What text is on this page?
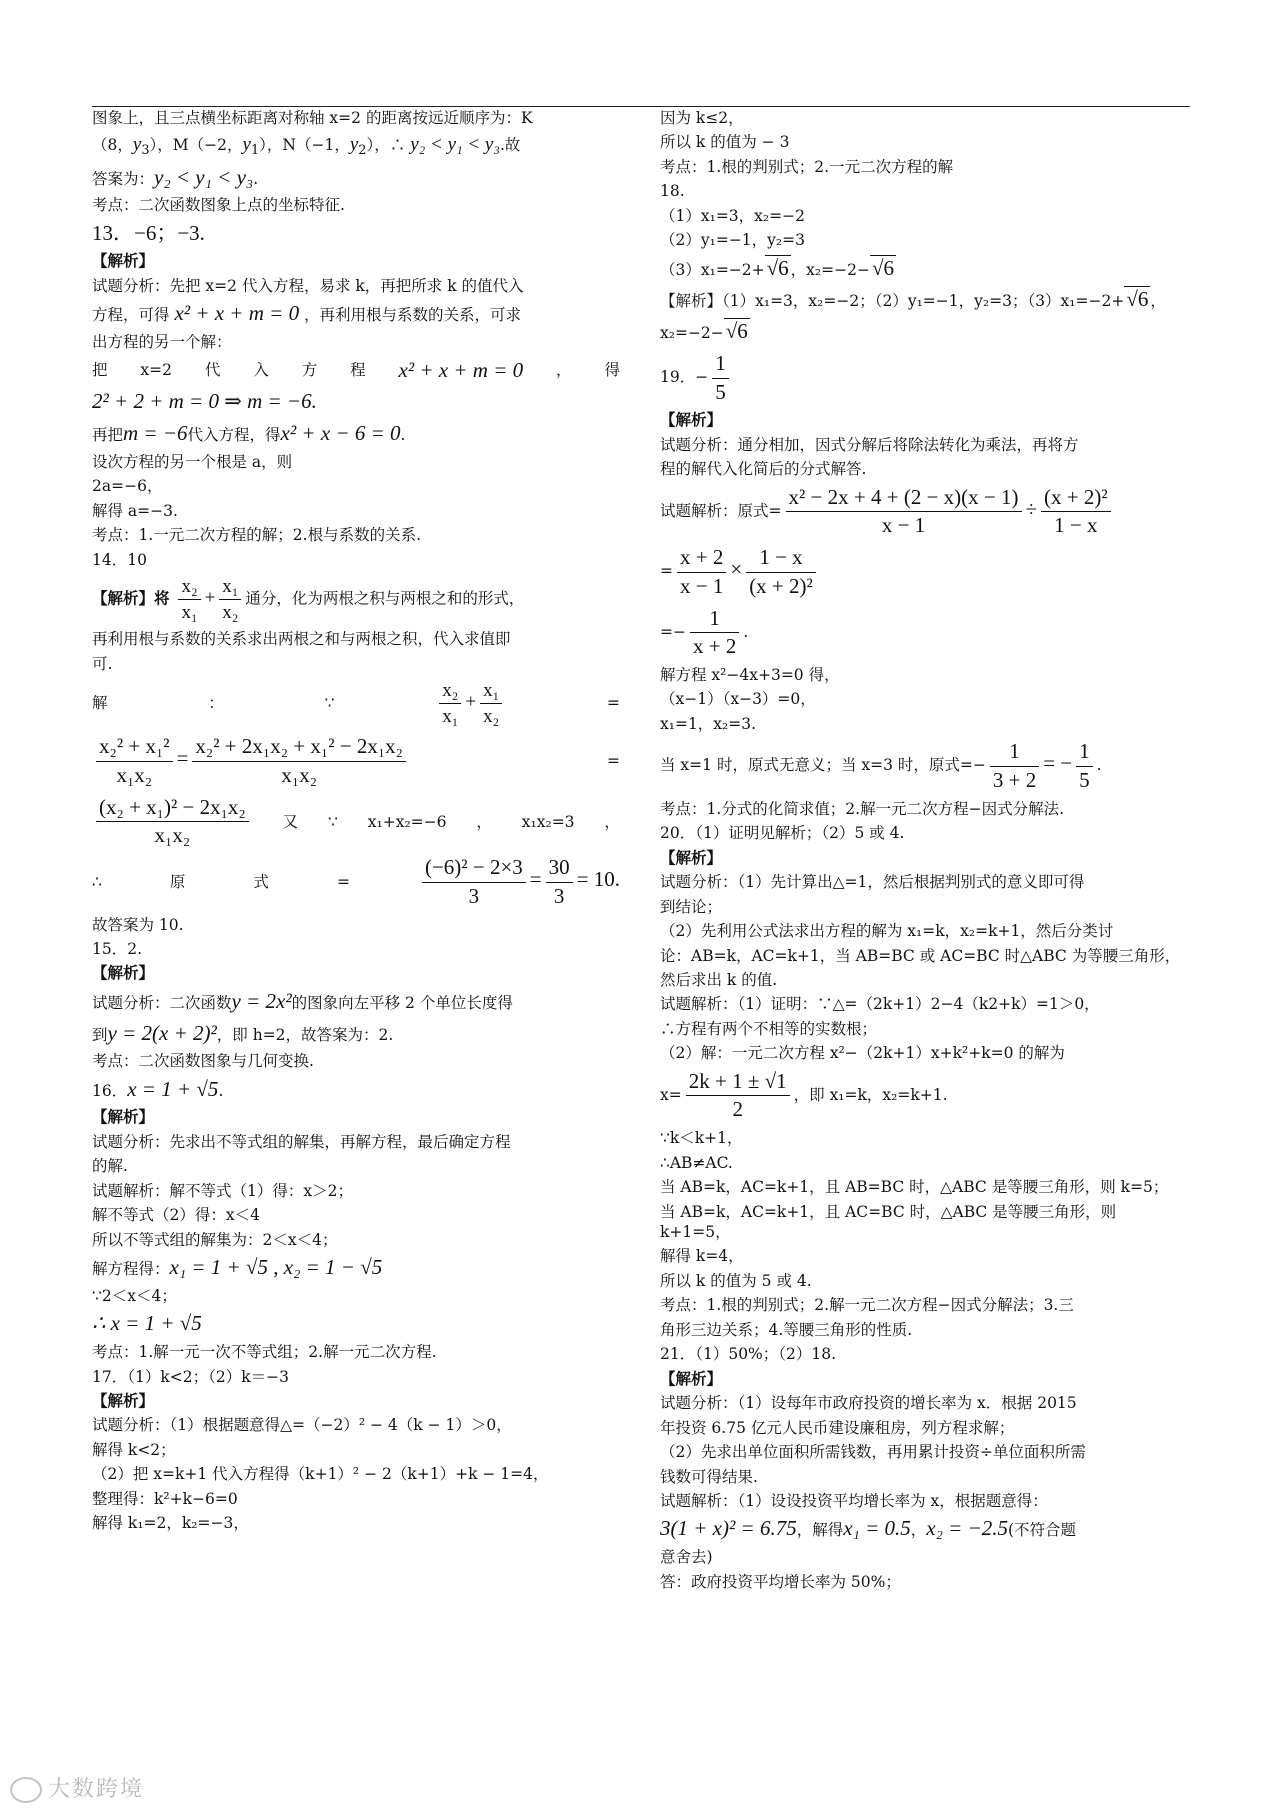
图象上，且三点横坐标距离对称轴 x=2 的距离按远近顺序为：K

（8，$y_3$），M（−2，$y_1$），N（−1，$y_2$），∴ y₂ < y₁ < y₃.故

答案为：y₂ < y₁ < y₃.

考点：二次函数图象上点的坐标特征.

13．−6；−3.

【解析】

试题分析：先把 x=2 代入方程，易求 k，再把所求 k 的值代入

方程，可得 x² + x + m = 0 ，再利用根与系数的关系，可求

出方程的另一个解：

把 x=2 代 入 方 程 x² + x + m = 0 ， 得

2² + 2 + m = 0 ⇒ m = −6.

再把m = −6代入方程，得x² + x − 6 = 0.

设次方程的另一个根是 a，则

2a=−6，

解得 a=−3.

考点：1.一元二次方程的解；2.根与系数的关系.

14．10

【解析】将 $\frac{\text{x₂}}{\text{x₁}} + \frac{\text{x₁}}{\text{x₂}}$ 通分，化为两根之积与两根之和的形式，

再利用根与系数的关系求出两根之和与两根之积，代入求值即

可.

解	：	∵	$\frac{\text{x₂}}{\text{x₁}} + \frac{\text{x₁}}{\text{x₂}}$	=

$\frac{\text{x₂² + x₁²}}{\text{x₁x₂}} = \frac{\text{x₂² + 2x₁x₂ + x₁² − 2x₁x₂}}{\text{x₁x₂}}$	=

$\frac{\text{(x₂ + x₁)² − 2x₁x₂}}{\text{x₁x₂}}$ 又 ∵ x₁+x₂=−6 ， x₁x₂=3 ，

∴	原	式	=	$\frac{\text{(−6)² − 2×3}}{3} = \frac{30}{3} = 10$.

故答案为 10.

15．2.

【解析】

试题分析：二次函数y = 2x²的图象向左平移 2 个单位长度得

到y = 2(x + 2)²，即 h=2，故答案为：2.

考点：二次函数图象与几何变换.

16．x = 1 + √5.

【解析】

试题分析：先求出不等式组的解集，再解方程，最后确定方程

的解.

试题解析：解不等式（1）得：x＞2；

解不等式（2）得：x＜4

所以不等式组的解集为：2＜x＜4；

解方程得：x₁ = 1 + √5 , x₂ = 1 − √5

∵2＜x＜4；

∴ x = 1 + √5

考点：1.解一元一次不等式组；2.解一元二次方程.

17．（1）k<2；（2）k＝−3

【解析】

试题分析：（1）根据题意得△=（−2）² − 4（k − 1）＞0，

解得 k<2；

（2）把 x=k+1 代入方程得（k+1）² − 2（k+1）+k − 1=4，

整理得：k²+k−6=0

解得 k₁=2，k₂=−3，

因为 k≤2，

所以 k 的值为 − 3

考点：1.根的判别式；2.一元二次方程的解

18.

（1）x₁=3，x₂=−2

（2）y₁=−1，y₂=3

（3）x₁=−2+√6 ，x₂=−2−√6

【解析】（1）x₁=3，x₂=−2；（2）y₁=−1，y₂=3；（3）x₁=−2+√6 ，

x₂=−2−√6

19．− $\frac{1}{5}$

【解析】

试题分析：通分相加，因式分解后将除法转化为乘法，再将方

程的解代入化简后的分式解答.

试题解析：原式= $\frac{\text{x² − 2x + 4 + (2 − x)(x − 1)}}{x - 1} \div \frac{\text{(x + 2)²}}{1 - x}$

= $\frac{x + 2}{x - 1} \times \frac{1 - x}{\text{(x + 2)²}}$

=− $\frac{1}{x + 2}$ .

解方程 x²−4x+3=0 得，

（x−1）（x−3）=0，

x₁=1，x₂=3.

当 x=1 时，原式无意义；当 x=3 时，原式=− $\frac{1}{3 + 2}$ = − $\frac{1}{5}$ .

考点：1.分式的化简求值；2.解一元二次方程−因式分解法.

20．（1）证明见解析；（2）5 或 4.

【解析】

试题分析：（1）先计算出△=1，然后根据判别式的意义即可得

到结论；

（2）先利用公式法求出方程的解为 x₁=k，x₂=k+1，然后分类讨

论：AB=k，AC=k+1，当 AB=BC 或 AC=BC 时△ABC 为等腰三角形，

然后求出 k 的值.

试题解析：（1）证明：∵△=（2k+1）2−4（k2+k）=1＞0，

∴方程有两个不相等的实数根；

（2）解：一元二次方程 x²−（2k+1）x+k²+k=0 的解为

$x= \frac{2k + 1 \pm √1}{2}$ ，即 x₁=k，x₂=k+1.

∵k＜k+1，

∴AB≠AC.

当 AB=k，AC=k+1，且 AB=BC 时，△ABC 是等腰三角形，则 k=5；

当 AB=k，AC=k+1，且 AC=BC 时，△ABC 是等腰三角形，则 k+1=5，

解得 k=4，

所以 k 的值为 5 或 4.

考点：1.根的判别式；2.解一元二次方程−因式分解法；3.三

角形三边关系；4.等腰三角形的性质.

21．（1）50%；（2）18.

【解析】

试题分析：（1）设每年市政府投资的增长率为 x．根据 2015

年投资 6.75 亿元人民币建设廉租房，列方程求解；

（2）先求出单位面积所需钱数，再用累计投资÷单位面积所需

钱数可得结果.

试题解析：（1）设设投资平均增长率为 x，根据题意得：

3(1 + x)² = 6.75，解得x₁ = 0.5，x₂ = −2.5(不符合题

意舍去)

答：政府投资平均增长率为 50%；

大数跨境
